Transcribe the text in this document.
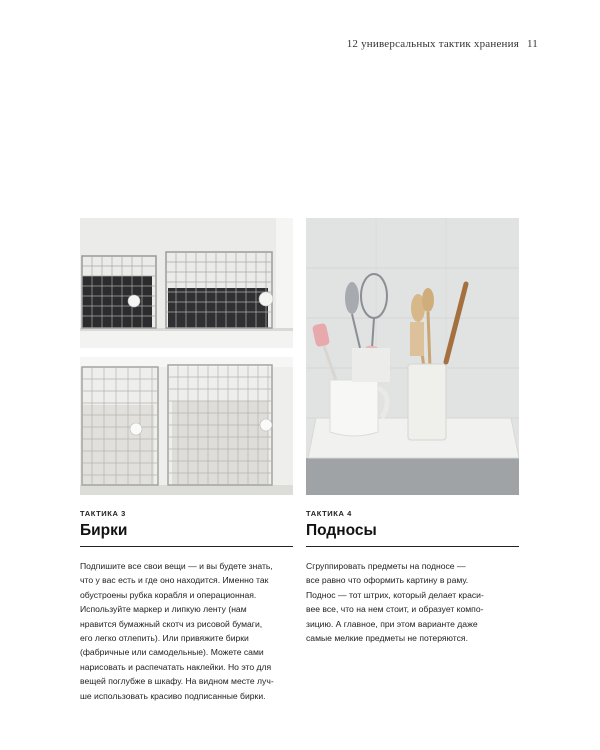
12 универсальных тактик хранения 11
ТАКТИКА 3
Бирки
Подпишите все свои вещи — и вы будете знать,
что у вас есть и где оно находится. Именно так
обустроены рубка корабля и операционная.
Используйте маркер и липкую ленту (нам
нравится бумажный скотч из рисовой бумаги,
его легко отлепить). Или привяжите бирки
(фабричные или самодельные). Можете сами
нарисовать и распечатать наклейки. Но это для
вещей поглубже в шкафу. На видном месте луч-
ше использовать красиво подписанные бирки.
ТАКТИКА 4
Подносы
Сгруппировать предметы на подносе —
все равно что оформить картину в раму.
Поднос — тот штрих, который делает краси-
вее все, что на нем стоит, и образует компо-
зицию. А главное, при этом варианте даже
самые мелкие предметы не потеряются.
